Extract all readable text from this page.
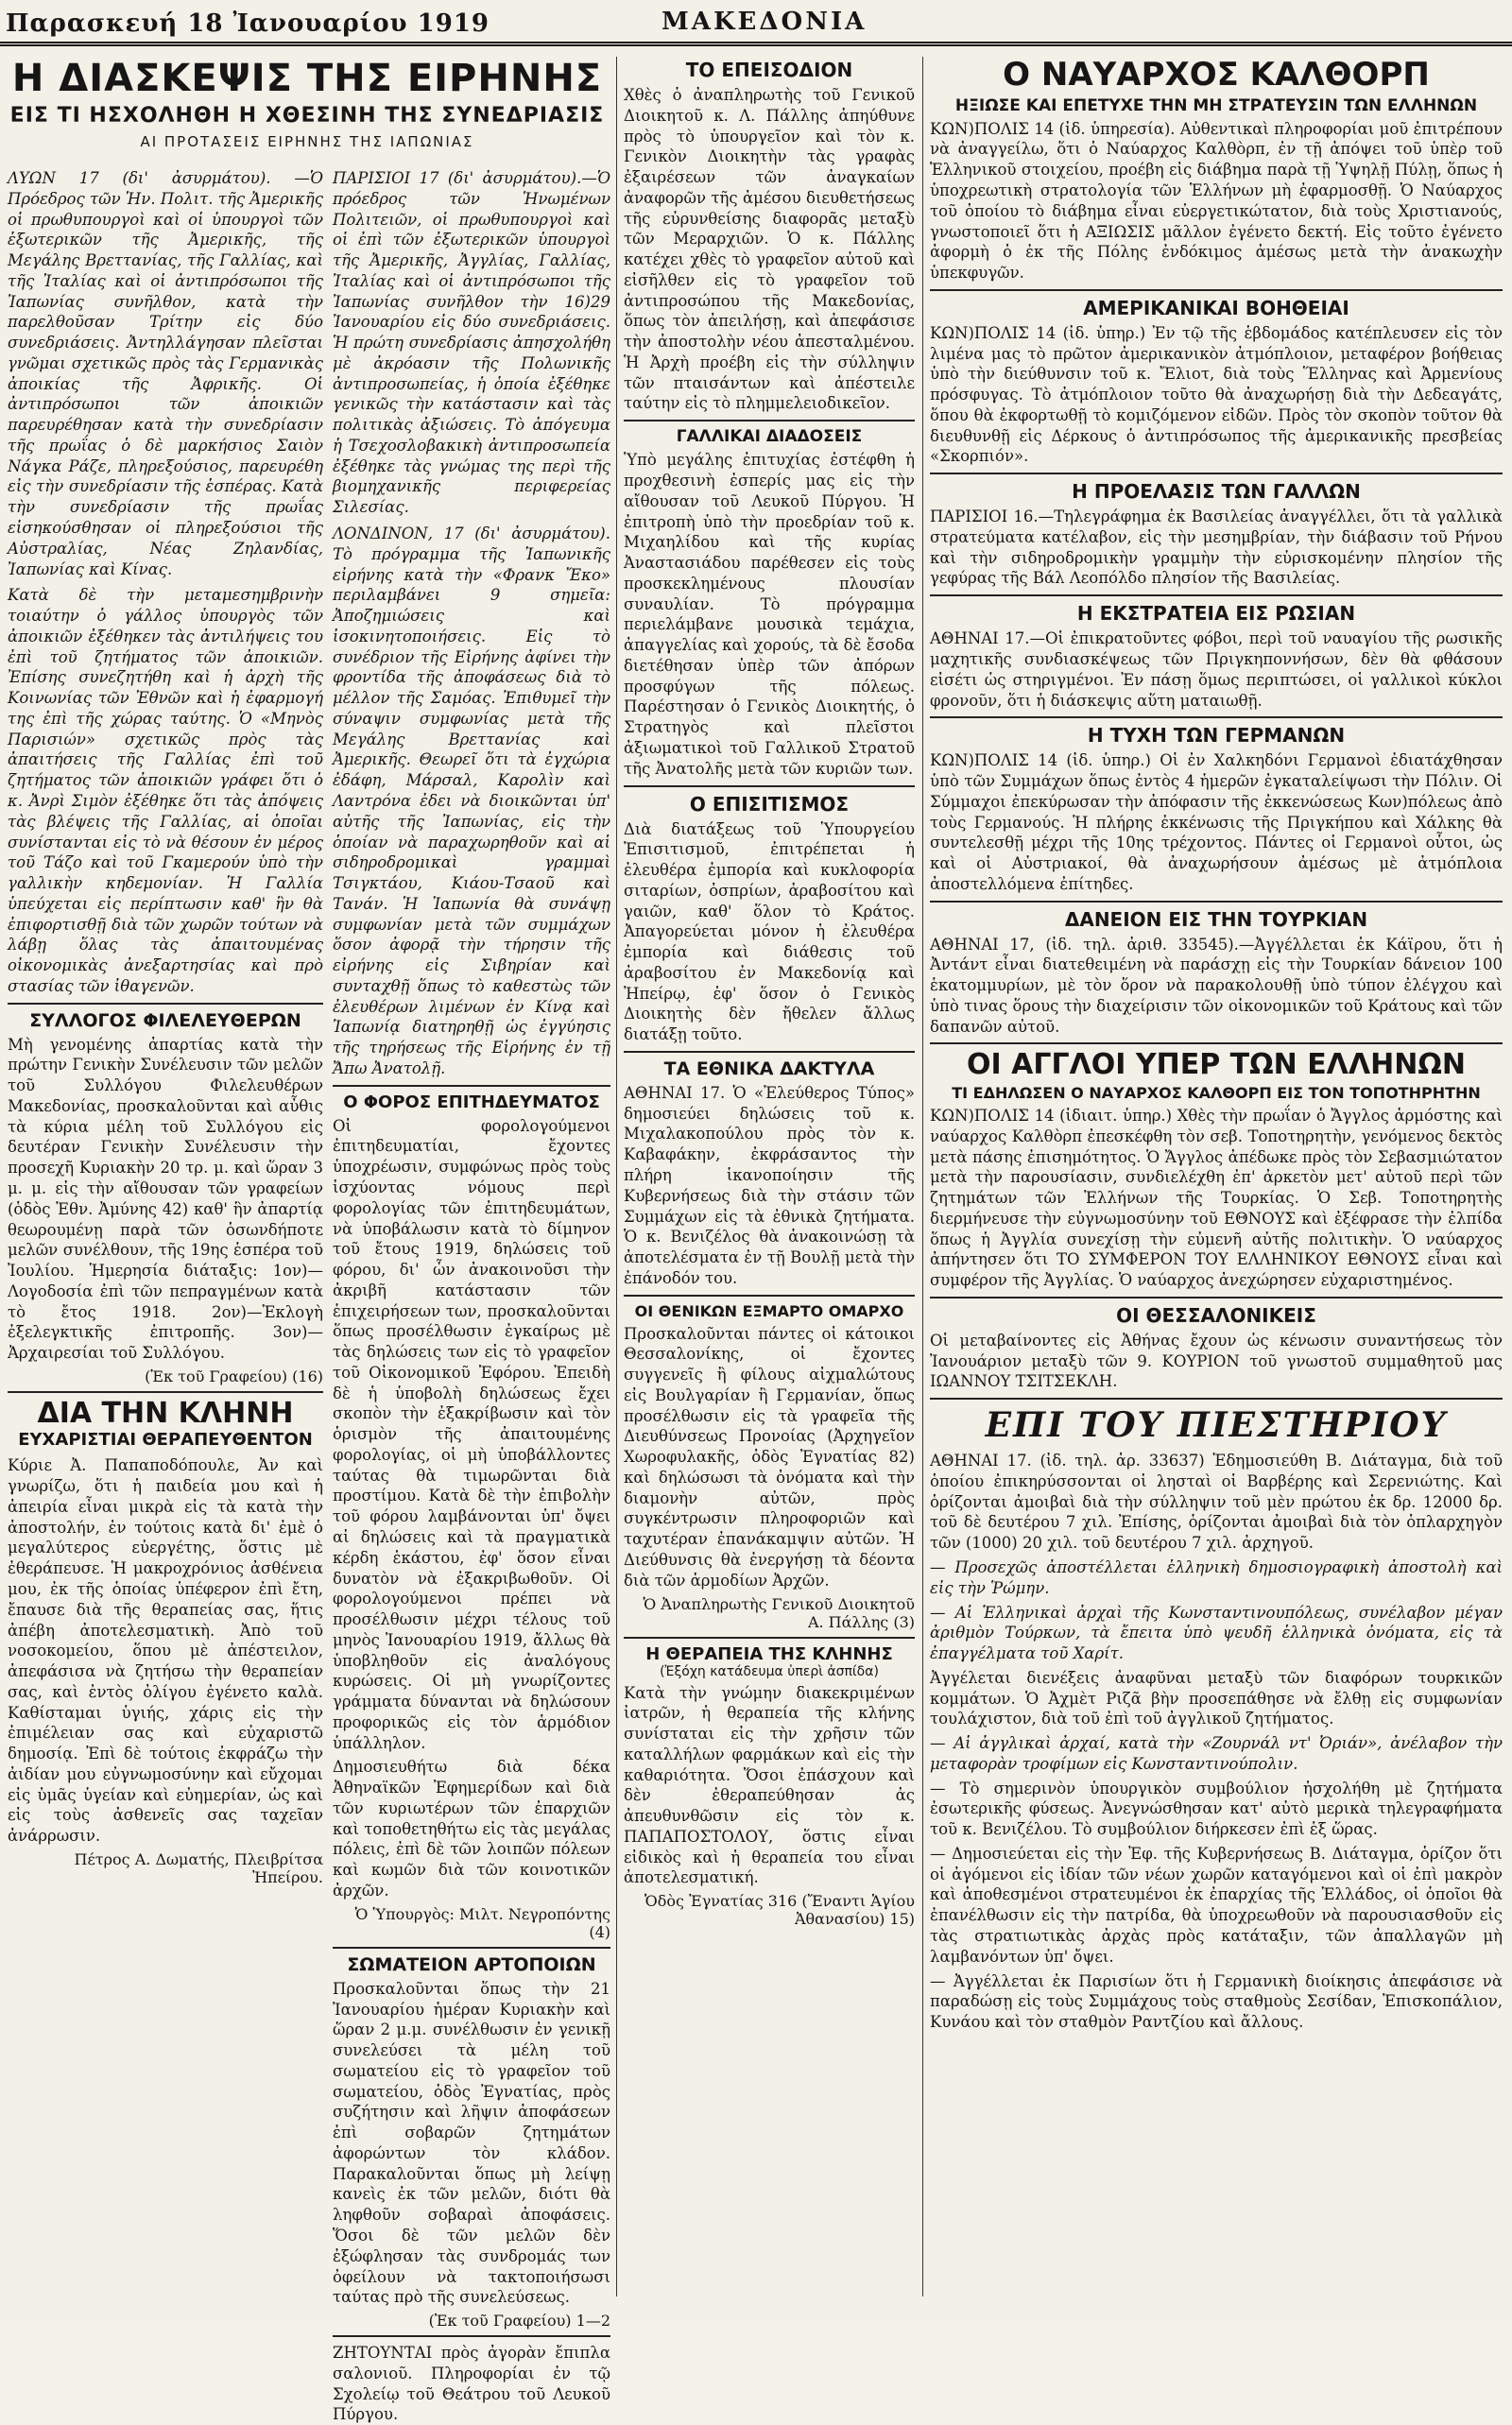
Παρασκευή 18 Ἰανουαρίου 1919	ΜΑΚΕΔΟΝΙΑ
Η ΔΙΑΣΚΕΨΙΣ ΤΗΣ ΕΙΡΗΝΗΣ
ΕΙΣ ΤΙ ΗΣΧΟΛΗΘΗ Η ΧΘΕΣΙΝΗ ΤΗΣ ΣΥΝΕΔΡΙΑΣΙΣ

ΑΙ ΠΡΟΤΑΣΕΙΣ ΕΙΡΗΝΗΣ ΤΗΣ ΙΑΠΩΝΙΑΣ

ΛΥΩΝ 17 (δι' ἀσυρμάτου). —Ὁ Πρόεδρος τῶν Ἡν. Πολιτ. τῆς Ἀμερικῆς οἱ πρωθυπουργοὶ καὶ οἱ ὑπουργοὶ τῶν ἐξωτερικῶν τῆς Ἀμερικῆς, τῆς Μεγάλης Βρεττανίας, τῆς Γαλλίας, καὶ τῆς Ἰταλίας καὶ οἱ ἀντιπρόσωποι τῆς Ἰαπωνίας συνῆλθον, κατὰ τὴν παρελθοῦσαν Τρίτην εἰς δύο συνεδριάσεις. Ἀντηλλάγησαν πλεῖσται γνῶμαι σχετικῶς πρὸς τὰς Γερμανικὰς ἀποικίας τῆς Ἀφρικῆς. Οἱ ἀντιπρόσωποι τῶν ἀποικιῶν παρευρέθησαν κατὰ τὴν συνεδρίασιν τῆς πρωΐας ὁ δὲ μαρκήσιος Σαιὸν Νάγκα Ράζε, πληρεξούσιος, παρευρέθη εἰς τὴν συνεδρίασιν τῆς ἑσπέρας. Κατὰ τὴν συνεδρίασιν τῆς πρωΐας εἰσηκούσθησαν οἱ πληρεξούσιοι τῆς Αὐστραλίας, Νέας Ζηλανδίας, Ἰαπωνίας καὶ Κίνας.

Κατὰ δὲ τὴν μεταμεσημβρινὴν τοιαύτην ὁ γάλλος ὑπουργὸς τῶν ἀποικιῶν ἐξέθηκεν τὰς ἀντιλήψεις του ἐπὶ τοῦ ζητήματος τῶν ἀποικιῶν. Ἐπίσης συνεζητήθη καὶ ἡ ἀρχὴ τῆς Κοινωνίας τῶν Ἐθνῶν καὶ ἡ ἐφαρμογή της ἐπὶ τῆς χώρας ταύτης. Ὁ «Μηνὸς Παρισιών» σχετικῶς πρὸς τὰς ἀπαιτήσεις τῆς Γαλλίας ἐπὶ τοῦ ζητήματος τῶν ἀποικιῶν γράφει ὅτι ὁ κ. Ἀνρὶ Σιμὸν ἐξέθηκε ὅτι τὰς ἀπόψεις τὰς βλέψεις τῆς Γαλλίας, αἱ ὁποῖαι συνίστανται εἰς τὸ νὰ θέσουν ἐν μέρος τοῦ Τάζο καὶ τοῦ Γκαμερούν ὑπὸ τὴν γαλλικὴν κηδεμονίαν. Ἡ Γαλλία ὑπεύχεται εἰς περίπτωσιν καθ' ἣν θὰ ἐπιφορτισθῇ διὰ τῶν χωρῶν τούτων νὰ λάβῃ ὅλας τὰς ἀπαιτουμένας οἰκονομικὰς ἀνεξαρτησίας καὶ πρὸ στασίας τῶν ἰθαγενῶν.

ΣΥΛΛΟΓΟΣ ΦΙΛΕΛΕΥΘΕΡΩΝ

Μὴ γενομένης ἀπαρτίας κατὰ τὴν πρώτην Γενικὴν Συνέλευσιν τῶν μελῶν τοῦ Συλλόγου Φιλελευθέρων Μακεδονίας, προσκαλοῦνται καὶ αὖθις τὰ κύρια μέλη τοῦ Συλλόγου εἰς δευτέραν Γενικὴν Συνέλευσιν τὴν προσεχῆ Κυριακὴν 20 τρ. μ. καὶ ὥραν 3 μ. μ. εἰς τὴν αἴθουσαν τῶν γραφείων (ὁδὸς Ἑθν. Ἀμύνης 42) καθ' ἣν ἀπαρτίᾳ θεωρουμένῃ παρὰ τῶν ὁσωνδήποτε μελῶν συνέλθουν, τῆς 19ης ἑσπέρα τοῦ Ἰουλίου. Ἡμερησία διάταξις: 1ον)—Λογοδοσία ἐπὶ τῶν πεπραγμένων κατὰ τὸ ἔτος 1918. 2ον)—Ἐκλογὴ ἐξελεγκτικῆς ἐπιτροπῆς. 3ον)—Ἀρχαιρεσίαι τοῦ Συλλόγου.

(Ἐκ τοῦ Γραφείου) (16)

ΔΙΑ ΤΗΝ ΚΛΗΝΗ

ΕΥΧΑΡΙΣΤΙΑΙ ΘΕΡΑΠΕΥΘΕΝΤΟΝ

Κύριε Ἀ. Παπαποδόπουλε, Ἀν καὶ γνωρίζω, ὅτι ἡ παιδεία μου καὶ ἡ ἀπειρία εἶναι μικρὰ εἰς τὰ κατὰ τὴν ἀποστολήν, ἐν τούτοις κατὰ δι' ἐμὲ ὁ μεγαλύτερος εὐεργέτης, ὅστις μὲ ἐθεράπευσε. Ἡ μακροχρόνιος ἀσθένεια μου, ἐκ τῆς ὁποίας ὑπέφερον ἐπὶ ἔτη, ἔπαυσε διὰ τῆς θεραπείας σας, ἥτις ἀπέβη ἀποτελεσματικὴ. Ἀπὸ τοῦ νοσοκομείου, ὅπου μὲ ἀπέστειλον, ἀπεφάσισα νὰ ζητήσω τὴν θεραπείαν σας, καὶ ἐντὸς ὀλίγου ἐγένετο καλὰ. Καθίσταμαι ὑγιής, χάρις εἰς τὴν ἐπιμέλειαν σας καὶ εὐχαριστῶ δημοσίᾳ. Ἐπὶ δὲ τούτοις ἐκφράζω τὴν ἀιδίαν μου εὐγνωμοσύνην καὶ εὔχομαι εἰς ὑμᾶς ὑγείαν καὶ εὐημερίαν, ὡς καὶ εἰς τοὺς ἀσθενεῖς σας ταχεῖαν ἀνάρρωσιν.

Πέτρος Α. Δωματής, Πλειβρίτσα Ἠπείρου.

ΠΑΡΙΣΙΟΙ 17 (δι' ἀσυρμάτου).—Ὁ πρόεδρος τῶν Ἡνωμένων Πολιτειῶν, οἱ πρωθυπουργοὶ καὶ οἱ ἐπὶ τῶν ἐξωτερικῶν ὑπουργοὶ τῆς Ἀμερικῆς, Ἀγγλίας, Γαλλίας, Ἰταλίας καὶ οἱ ἀντιπρόσωποι τῆς Ἰαπωνίας συνῆλθον τὴν 16)29 Ἰανουαρίου εἰς δύο συνεδριάσεις. Ἡ πρώτη συνεδρίασις ἀπησχολήθη μὲ ἀκρόασιν τῆς Πολωνικῆς ἀντιπροσωπείας, ἡ ὁποία ἐξέθηκε γενικῶς τὴν κατάστασιν καὶ τὰς πολιτικὰς ἀξιώσεις. Τὸ ἀπόγευμα ἡ Τσεχοσλοβακικὴ ἀντιπροσωπεία ἐξέθηκε τὰς γνώμας της περὶ τῆς βιομηχανικῆς περιφερείας Σιλεσίας.

ΛΟΝΔΙΝΟΝ, 17 (δι' ἀσυρμάτου). Τὸ πρόγραμμα τῆς Ἰαπωνικῆς εἰρήνης κατὰ τὴν «Φρανκ Ἔκο» περιλαμβάνει 9 σημεῖα: Ἀποζημιώσεις καὶ ἰσοκινητοποιήσεις. Εἰς τὸ συνέδριον τῆς Εἰρήνης ἀφίνει τὴν φροντίδα τῆς ἀποφάσεως διὰ τὸ μέλλον τῆς Σαμόας. Ἐπιθυμεῖ τὴν σύναψιν συμφωνίας μετὰ τῆς Μεγάλης Βρεττανίας καὶ Ἀμερικῆς. Θεωρεῖ ὅτι τὰ ἐγχώρια ἐδάφη, Μάρσαλ, Καρολὶν καὶ Λαντρόνα ἐδει νὰ διοικῶνται ὑπ' αὐτῆς τῆς Ἰαπωνίας, εἰς τὴν ὁποίαν νὰ παραχωρηθοῦν καὶ αἱ σιδηροδρομικαὶ γραμμαὶ Τσιγκτάου, Κιάου-Τσαοῦ καὶ Τανάν. Ἡ Ἰαπωνία θὰ συνάψῃ συμφωνίαν μετὰ τῶν συμμάχων ὅσον ἀφορᾷ τὴν τήρησιν τῆς εἰρήνης εἰς Σιβηρίαν καὶ συνταχθῇ ὅπως τὸ καθεστὼς τῶν ἐλευθέρων λιμένων ἐν Κίνᾳ καὶ Ἰαπωνίᾳ διατηρηθῇ ὡς ἐγγύησις τῆς τηρήσεως τῆς Εἰρήνης ἐν τῇ Ἄπω Ἀνατολῇ.

Ο ΦΟΡΟΣ ΕΠΙΤΗΔΕΥΜΑΤΟΣ

Οἱ φορολογούμενοι ἐπιτηδευματίαι, ἔχοντες ὑποχρέωσιν, συμφώνως πρὸς τοὺς ἰσχύοντας νόμους περὶ φορολογίας τῶν ἐπιτηδευμάτων, νὰ ὑποβάλωσιν κατὰ τὸ δίμηνον τοῦ ἔτους 1919, δηλώσεις τοῦ φόρου, δι' ὧν ἀνακοινοῦσι τὴν ἀκριβῆ κατάστασιν τῶν ἐπιχειρήσεων των, προσκαλοῦνται ὅπως προσέλθωσιν ἐγκαίρως μὲ τὰς δηλώσεις των εἰς τὸ γραφεῖον τοῦ Οἰκονομικοῦ Ἐφόρου. Ἐπειδὴ δὲ ἡ ὑποβολὴ δηλώσεως ἔχει σκοπὸν τὴν ἐξακρίβωσιν καὶ τὸν ὁρισμὸν τῆς ἀπαιτουμένης φορολογίας, οἱ μὴ ὑποβάλλοντες ταύτας θὰ τιμωρῶνται διὰ προστίμου. Κατὰ δὲ τὴν ἐπιβολὴν τοῦ φόρου λαμβάνονται ὑπ' ὄψει αἱ δηλώσεις καὶ τὰ πραγματικὰ κέρδη ἑκάστου, ἐφ' ὅσον εἶναι δυνατὸν νὰ ἐξακριβωθοῦν. Οἱ φορολογούμενοι πρέπει νὰ προσέλθωσιν μέχρι τέλους τοῦ μηνὸς Ἰανουαρίου 1919, ἄλλως θὰ ὑποβληθοῦν εἰς ἀναλόγους κυρώσεις. Οἱ μὴ γνωρίζοντες γράμματα δύνανται νὰ δηλώσουν προφορικῶς εἰς τὸν ἁρμόδιον ὑπάλληλον.

Δημοσιευθήτω διὰ δέκα Ἀθηναϊκῶν Ἐφημερίδων καὶ διὰ τῶν κυριωτέρων τῶν ἐπαρχιῶν καὶ τοποθετηθήτω εἰς τὰς μεγάλας πόλεις, ἐπὶ δὲ τῶν λοιπῶν πόλεων καὶ κωμῶν διὰ τῶν κοινοτικῶν ἀρχῶν.

Ὁ Ὑπουργὸς: Μιλτ. Νεγροπόντης (4)

ΣΩΜΑΤΕΙΟΝ ΑΡΤΟΠΟΙΩΝ

Προσκαλοῦνται ὅπως τὴν 21 Ἰανουαρίου ἡμέραν Κυριακὴν καὶ ὥραν 2 μ.μ. συνέλθωσιν ἐν γενικῇ συνελεύσει τὰ μέλη τοῦ σωματείου εἰς τὸ γραφεῖον τοῦ σωματείου, ὁδὸς Ἐγνατίας, πρὸς συζήτησιν καὶ λῆψιν ἀποφάσεων ἐπὶ σοβαρῶν ζητημάτων ἀφορώντων τὸν κλάδον. Παρακαλοῦνται ὅπως μὴ λείψῃ κανεὶς ἐκ τῶν μελῶν, διότι θὰ ληφθοῦν σοβαραὶ ἀποφάσεις. Ὅσοι δὲ τῶν μελῶν δὲν ἐξώφλησαν τὰς συνδρομάς των ὀφείλουν νὰ τακτοποιήσωσι ταύτας πρὸ τῆς συνελεύσεως.

(Ἐκ τοῦ Γραφείου) 1—2

ΖΗΤΟΥΝΤΑΙ πρὸς ἀγορὰν ἔπιπλα σαλονιοῦ. Πληροφορίαι ἐν τῷ Σχολείῳ τοῦ Θεάτρου τοῦ Λευκοῦ Πύργου.

ΤΟ ΕΠΕΙΣΟΔΙΟΝ

Χθὲς ὁ ἀναπληρωτὴς τοῦ Γενικοῦ Διοικητοῦ κ. Λ. Πάλλης ἀπηύθυνε πρὸς τὸ ὑπουργεῖον καὶ τὸν κ. Γενικὸν Διοικητὴν τὰς γραφὰς ἐξαιρέσεων τῶν ἀναγκαίων ἀναφορῶν τῆς ἀμέσου διευθετήσεως τῆς εὐρυνθείσης διαφορᾶς μεταξὺ τῶν Μεραρχιῶν. Ὁ κ. Πάλλης κατέχει χθὲς τὸ γραφεῖον αὐτοῦ καὶ εἰσῆλθεν εἰς τὸ γραφεῖον τοῦ ἀντιπροσώπου τῆς Μακεδονίας, ὅπως τὸν ἀπειλήσῃ, καὶ ἀπεφάσισε τὴν ἀποστολὴν νέου ἀπεσταλμένου. Ἡ Ἀρχὴ προέβη εἰς τὴν σύλληψιν τῶν πταισάντων καὶ ἀπέστειλε ταύτην εἰς τὸ πλημμελειοδικεῖον.

ΓΑΛΛΙΚΑΙ ΔΙΑΔΟΣΕΙΣ

Ὑπὸ μεγάλης ἐπιτυχίας ἐστέφθη ἡ προχθεσινὴ ἐσπερίς μας εἰς τὴν αἴθουσαν τοῦ Λευκοῦ Πύργου. Ἡ ἐπιτροπὴ ὑπὸ τὴν προεδρίαν τοῦ κ. Μιχαηλίδου καὶ τῆς κυρίας Ἀναστασιάδου παρέθεσεν εἰς τοὺς προσκεκλημένους πλουσίαν συναυλίαν. Τὸ πρόγραμμα περιελάμβανε μουσικὰ τεμάχια, ἀπαγγελίας καὶ χορούς, τὰ δὲ ἔσοδα διετέθησαν ὑπὲρ τῶν ἀπόρων προσφύγων τῆς πόλεως. Παρέστησαν ὁ Γενικὸς Διοικητής, ὁ Στρατηγὸς καὶ πλεῖστοι ἀξιωματικοὶ τοῦ Γαλλικοῦ Στρατοῦ τῆς Ἀνατολῆς μετὰ τῶν κυριῶν των.

Ο ΕΠΙΣΙΤΙΣΜΟΣ

Διὰ διατάξεως τοῦ Ὑπουργείου Ἐπισιτισμοῦ, ἐπιτρέπεται ἡ ἐλευθέρα ἐμπορία καὶ κυκλοφορία σιταρίων, ὀσπρίων, ἀραβοσίτου καὶ γαιῶν, καθ' ὅλον τὸ Κράτος. Ἀπαγορεύεται μόνον ἡ ἐλευθέρα ἐμπορία καὶ διάθεσις τοῦ ἀραβοσίτου ἐν Μακεδονίᾳ καὶ Ἠπείρῳ, ἐφ' ὅσον ὁ Γενικὸς Διοικητὴς δὲν ἤθελεν ἄλλως διατάξῃ τοῦτο.

ΤΑ ΕΘΝΙΚΑ ΔΑΚΤΥΛΑ

ΑΘΗΝΑΙ 17. Ὁ «Ἐλεύθερος Τύπος» δημοσιεύει δηλώσεις τοῦ κ. Μιχαλακοπούλου πρὸς τὸν κ. Καβαφάκην, ἐκφράσαντος τὴν πλήρη ἱκανοποίησιν τῆς Κυβερνήσεως διὰ τὴν στάσιν τῶν Συμμάχων εἰς τὰ ἐθνικὰ ζητήματα. Ὁ κ. Βενιζέλος θὰ ἀνακοινώσῃ τὰ ἀποτελέσματα ἐν τῇ Βουλῇ μετὰ τὴν ἐπάνοδόν του.

ΟΙ ΘΕΝΙΚΩΝ ΕΞΜΑΡΤΟ ΟΜΑΡΧΟ

Προσκαλοῦνται πάντες οἱ κάτοικοι Θεσσαλονίκης, οἱ ἔχοντες συγγενεῖς ἢ φίλους αἰχμαλώτους εἰς Βουλγαρίαν ἢ Γερμανίαν, ὅπως προσέλθωσιν εἰς τὰ γραφεῖα τῆς Διευθύνσεως Προνοίας (Ἀρχηγεῖον Χωροφυλακῆς, ὁδὸς Ἐγνατίας 82) καὶ δηλώσωσι τὰ ὀνόματα καὶ τὴν διαμονὴν αὐτῶν, πρὸς συγκέντρωσιν πληροφοριῶν καὶ ταχυτέραν ἐπανάκαμψιν αὐτῶν. Ἡ Διεύθυνσις θὰ ἐνεργήσῃ τὰ δέοντα διὰ τῶν ἁρμοδίων Ἀρχῶν.

Ὁ Ἀναπληρωτὴς Γενικοῦ Διοικητοῦ Α. Πάλλης (3)

Η ΘΕΡΑΠΕΙΑ ΤΗΣ ΚΛΗΝΗΣ

(Ἐξόχη κατάδευμα ὑπερὶ ἀσπίδα)

Κατὰ τὴν γνώμην διακεκριμένων ἰατρῶν, ἡ θεραπεία τῆς κλήνης συνίσταται εἰς τὴν χρῆσιν τῶν καταλλήλων φαρμάκων καὶ εἰς τὴν καθαριότητα. Ὅσοι ἐπάσχουν καὶ δὲν ἐθεραπεύθησαν ἀς ἀπευθυνθῶσιν εἰς τὸν κ. ΠΑΠΑΠΟΣΤΟΛΟΥ, ὅστις εἶναι εἰδικὸς καὶ ἡ θεραπεία του εἶναι ἀποτελεσματική.

Ὁδὸς Ἐγνατίας 316 (Ἔναντι Ἁγίου Ἀθανασίου) 15)

Ο ΝΑΥΑΡΧΟΣ ΚΑΛΘΟΡΠ

ΗΞΙΩΣΕ ΚΑΙ ΕΠΕΤΥΧΕ ΤΗΝ ΜΗ ΣΤΡΑΤΕΥΣΙΝ ΤΩΝ ΕΛΛΗΝΩΝ

ΚΩΝ)ΠΟΛΙΣ 14 (ἰδ. ὑπηρεσία). Αὐθεντικαὶ πληροφορίαι μοῦ ἐπιτρέπουν νὰ ἀναγγείλω, ὅτι ὁ Ναύαρχος Καλθὸρπ, ἐν τῇ ἀπόψει τοῦ ὑπὲρ τοῦ Ἑλληνικοῦ στοιχείου, προέβη εἰς διάβημα παρὰ τῇ Ὑψηλῇ Πύλῃ, ὅπως ἡ ὑποχρεωτικὴ στρατολογία τῶν Ἑλλήνων μὴ ἐφαρμοσθῇ. Ὁ Ναύαρχος τοῦ ὁποίου τὸ διάβημα εἶναι εὐεργετικώτατον, διὰ τοὺς Χριστιανούς, γνωστοποιεῖ ὅτι ἡ ΑΞΙΩΣΙΣ μᾶλλον ἐγένετο δεκτή. Εἰς τοῦτο ἐγένετο ἀφορμὴ ὁ ἐκ τῆς Πόλης ἐνδόκιμος ἀμέσως μετὰ τὴν ἀνακωχὴν ὑπεκφυγῶν.

ΑΜΕΡΙΚΑΝΙΚΑΙ ΒΟΗΘΕΙΑΙ

ΚΩΝ)ΠΟΛΙΣ 14 (ἰδ. ὑπηρ.) Ἐν τῷ τῆς ἑβδομάδος κατέπλευσεν εἰς τὸν λιμένα μας τὸ πρῶτον ἀμερικανικὸν ἀτμόπλοιον, μεταφέρον βοήθειας ὑπὸ τὴν διεύθυνσιν τοῦ κ. Ἔλιοτ, διὰ τοὺς Ἕλληνας καὶ Ἀρμενίους πρόσφυγας. Τὸ ἀτμόπλοιον τοῦτο θὰ ἀναχωρήσῃ διὰ τὴν Δεδεαγάτς, ὅπου θὰ ἐκφορτωθῇ τὸ κομιζόμενον εἰδῶν. Πρὸς τὸν σκοπὸν τοῦτον θὰ διευθυνθῇ εἰς Δέρκους ὁ ἀντιπρόσωπος τῆς ἀμερικανικῆς πρεσβείας «Σκορπιόν».

Η ΠΡΟΕΛΑΣΙΣ ΤΩΝ ΓΑΛΛΩΝ

ΠΑΡΙΣΙΟΙ 16.—Τηλεγράφημα ἐκ Βασιλείας ἀναγγέλλει, ὅτι τὰ γαλλικὰ στρατεύματα κατέλαβον, εἰς τὴν μεσημβρίαν, τὴν διάβασιν τοῦ Ρήνου καὶ τὴν σιδηροδρομικὴν γραμμὴν τὴν εὑρισκομένην πλησίον τῆς γεφύρας τῆς Βάλ Λεοπόλδο πλησίον τῆς Βασιλείας.

Η ΕΚΣΤΡΑΤΕΙΑ ΕΙΣ ΡΩΣΙΑΝ

ΑΘΗΝΑΙ 17.—Οἱ ἐπικρατοῦντες φόβοι, περὶ τοῦ ναυαγίου τῆς ρωσικῆς μαχητικῆς συνδιασκέψεως τῶν Πριγκηποννήσων, δὲν θὰ φθάσουν εἰσέτι ὡς στηριγμένοι. Ἐν πάσῃ ὅμως περιπτώσει, οἱ γαλλικοὶ κύκλοι φρονοῦν, ὅτι ἡ διάσκεψις αὕτη ματαιωθῇ.

Η ΤΥΧΗ ΤΩΝ ΓΕΡΜΑΝΩΝ

ΚΩΝ)ΠΟΛΙΣ 14 (ἰδ. ὑπηρ.) Οἱ ἐν Χαλκηδόνι Γερμανοὶ ἐδιατάχθησαν ὑπὸ τῶν Συμμάχων ὅπως ἐντὸς 4 ἡμερῶν ἐγκαταλείψωσι τὴν Πόλιν. Οἱ Σύμμαχοι ἐπεκύρωσαν τὴν ἀπόφασιν τῆς ἐκκενώσεως Κων)πόλεως ἀπὸ τοὺς Γερμανούς. Ἡ πλήρης ἐκκένωσις τῆς Πριγκήπου καὶ Χάλκης θὰ συντελεσθῇ μέχρι τῆς 10ης τρέχοντος. Πάντες οἱ Γερμανοὶ οὗτοι, ὡς καὶ οἱ Αὐστριακοί, θὰ ἀναχωρήσουν ἀμέσως μὲ ἀτμόπλοια ἀποστελλόμενα ἐπίτηδες.

ΔΑΝΕΙΟΝ ΕΙΣ ΤΗΝ ΤΟΥΡΚΙΑΝ

ΑΘΗΝΑΙ 17, (ἰδ. τηλ. ἀριθ. 33545).—Ἀγγέλλεται ἐκ Κάϊρου, ὅτι ἡ Ἀντάντ εἶναι διατεθειμένη νὰ παράσχῃ εἰς τὴν Τουρκίαν δάνειον 100 ἑκατομμυρίων, μὲ τὸν ὅρον νὰ παρακολουθῇ ὑπὸ τύπον ἐλέγχου καὶ ὑπὸ τινας ὅρους τὴν διαχείρισιν τῶν οἰκονομικῶν τοῦ Κράτους καὶ τῶν δαπανῶν αὐτοῦ.

ΟΙ ΑΓΓΛΟΙ ΥΠΕΡ ΤΩΝ ΕΛΛΗΝΩΝ

ΤΙ ΕΔΗΛΩΣΕΝ Ο ΝΑΥΑΡΧΟΣ ΚΑΛΘΟΡΠ ΕΙΣ ΤΟΝ ΤΟΠΟΤΗΡΗΤΗΝ

ΚΩΝ)ΠΟΛΙΣ 14 (ἰδιαιτ. ὑπηρ.) Χθὲς τὴν πρωΐαν ὁ Ἄγγλος ἁρμόστης καὶ ναύαρχος Καλθὸρπ ἐπεσκέφθη τὸν σεβ. Τοποτηρητὴν, γενόμενος δεκτὸς μετὰ πάσης ἐπισημότητος. Ὁ Ἄγγλος ἀπέδωκε πρὸς τὸν Σεβασμιώτατον μετὰ τὴν παρουσίασιν, συνδιελέχθη ἐπ' ἀρκετὸν μετ' αὐτοῦ περὶ τῶν ζητημάτων τῶν Ἑλλήνων τῆς Τουρκίας. Ὁ Σεβ. Τοποτηρητὴς διερμήνευσε τὴν εὐγνωμοσύνην τοῦ ΕΘΝΟΥΣ καὶ ἐξέφρασε τὴν ἐλπίδα ὅπως ἡ Ἀγγλία συνεχίσῃ τὴν εὐμενῆ αὐτῆς πολιτικὴν. Ὁ ναύαρχος ἀπήντησεν ὅτι ΤΟ ΣΥΜΦΕΡΟΝ ΤΟΥ ΕΛΛΗΝΙΚΟΥ ΕΘΝΟΥΣ εἶναι καὶ συμφέρον τῆς Ἀγγλίας. Ὁ ναύαρχος ἀνεχώρησεν εὐχαριστημένος.

ΟΙ ΘΕΣΣΑΛΟΝΙΚΕΙΣ

Οἱ μεταβαίνοντες εἰς Ἀθήνας ἔχουν ὡς κένωσιν συναντήσεως τὸν Ἰανουάριον μεταξὺ τῶν 9. ΚΟΥΡΙΟΝ τοῦ γνωστοῦ συμμαθητοῦ μας ΙΩΑΝΝΟΥ ΤΣΙΤΣΕΚΛΗ.

ΕΠΙ ΤΟΥ ΠΙΕΣΤΗΡΙΟΥ

ΑΘΗΝΑΙ 17. (ἰδ. τηλ. ἀρ. 33637) Ἐδημοσιεύθη Β. Διάταγμα, διὰ τοῦ ὁποίου ἐπικηρύσσονται οἱ λησταὶ οἱ Βαρβέρης καὶ Σερενιώτης. Καὶ ὁρίζονται ἀμοιβαὶ διὰ τὴν σύλληψιν τοῦ μὲν πρώτου ἐκ δρ. 12000 δρ. τοῦ δὲ δευτέρου 7 χιλ. Ἐπίσης, ὁρίζονται ἀμοιβαὶ διὰ τὸν ὁπλαρχηγὸν τῶν (1000) 20 χιλ. τοῦ δευτέρου 7 χιλ. ἀρχηγοῦ.

— Προσεχῶς ἀποστέλλεται ἑλληνικὴ δημοσιογραφικὴ ἀποστολὴ καὶ εἰς τὴν Ῥώμην.

— Αἱ Ἑλληνικαὶ ἀρχαὶ τῆς Κωνσταντινουπόλεως, συνέλαβον μέγαν ἀριθμὸν Τούρκων, τὰ ἔπειτα ὑπὸ ψευδῆ ἑλληνικὰ ὀνόματα, εἰς τὰ ἐπαγγέλματα τοῦ Χαρίτ.

Ἀγγέλεται διενέξεις ἀναφῦναι μεταξὺ τῶν διαφόρων τουρκικῶν κομμάτων. Ὁ Ἀχμὲτ Ριζᾶ βὴν προσεπάθησε νὰ ἔλθῃ εἰς συμφωνίαν τουλάχιστον, διὰ τοῦ ἐπὶ τοῦ ἀγγλικοῦ ζητήματος.

— Αἱ ἀγγλικαὶ ἀρχαί, κατὰ τὴν «Ζουρνάλ ντ' Ὀριάν», ἀνέλαβον τὴν μεταφορὰν τροφίμων εἰς Κωνσταντινούπολιν.

— Τὸ σημερινὸν ὑπουργικὸν συμβούλιον ἠσχολήθη μὲ ζητήματα ἐσωτερικῆς φύσεως. Ἀνεγνώσθησαν κατ' αὐτὸ μερικὰ τηλεγραφήματα τοῦ κ. Βενιζέλου. Τὸ συμβούλιον διήρκεσεν ἐπὶ ἑξ ὥρας.

— Δημοσιεύεται εἰς τὴν Ἐφ. τῆς Κυβερνήσεως Β. Διάταγμα, ὁρίζον ὅτι οἱ ἀγόμενοι εἰς ἰδίαν τῶν νέων χωρῶν καταγόμενοι καὶ οἱ ἐπὶ μακρὸν καὶ ἀποθεσμένοι στρατευμένοι ἐκ ἐπαρχίας τῆς Ἑλλάδος, οἱ ὁποῖοι θὰ ἐπανέλθωσιν εἰς τὴν πατρίδα, θὰ ὑποχρεωθοῦν νὰ παρουσιασθοῦν εἰς τὰς στρατιωτικὰς ἀρχὰς πρὸς κατάταξιν, τῶν ἀπαλλαγῶν μὴ λαμβανόντων ὑπ' ὄψει.

— Ἀγγέλλεται ἐκ Παρισίων ὅτι ἡ Γερμανικὴ διοίκησις ἀπεφάσισε νὰ παραδώσῃ εἰς τοὺς Συμμάχους τοὺς σταθμοὺς Σεσίδαν, Ἐπισκοπάλιον, Κυνάου καὶ τὸν σταθμὸν Ραντζίου καὶ ἄλλους.
